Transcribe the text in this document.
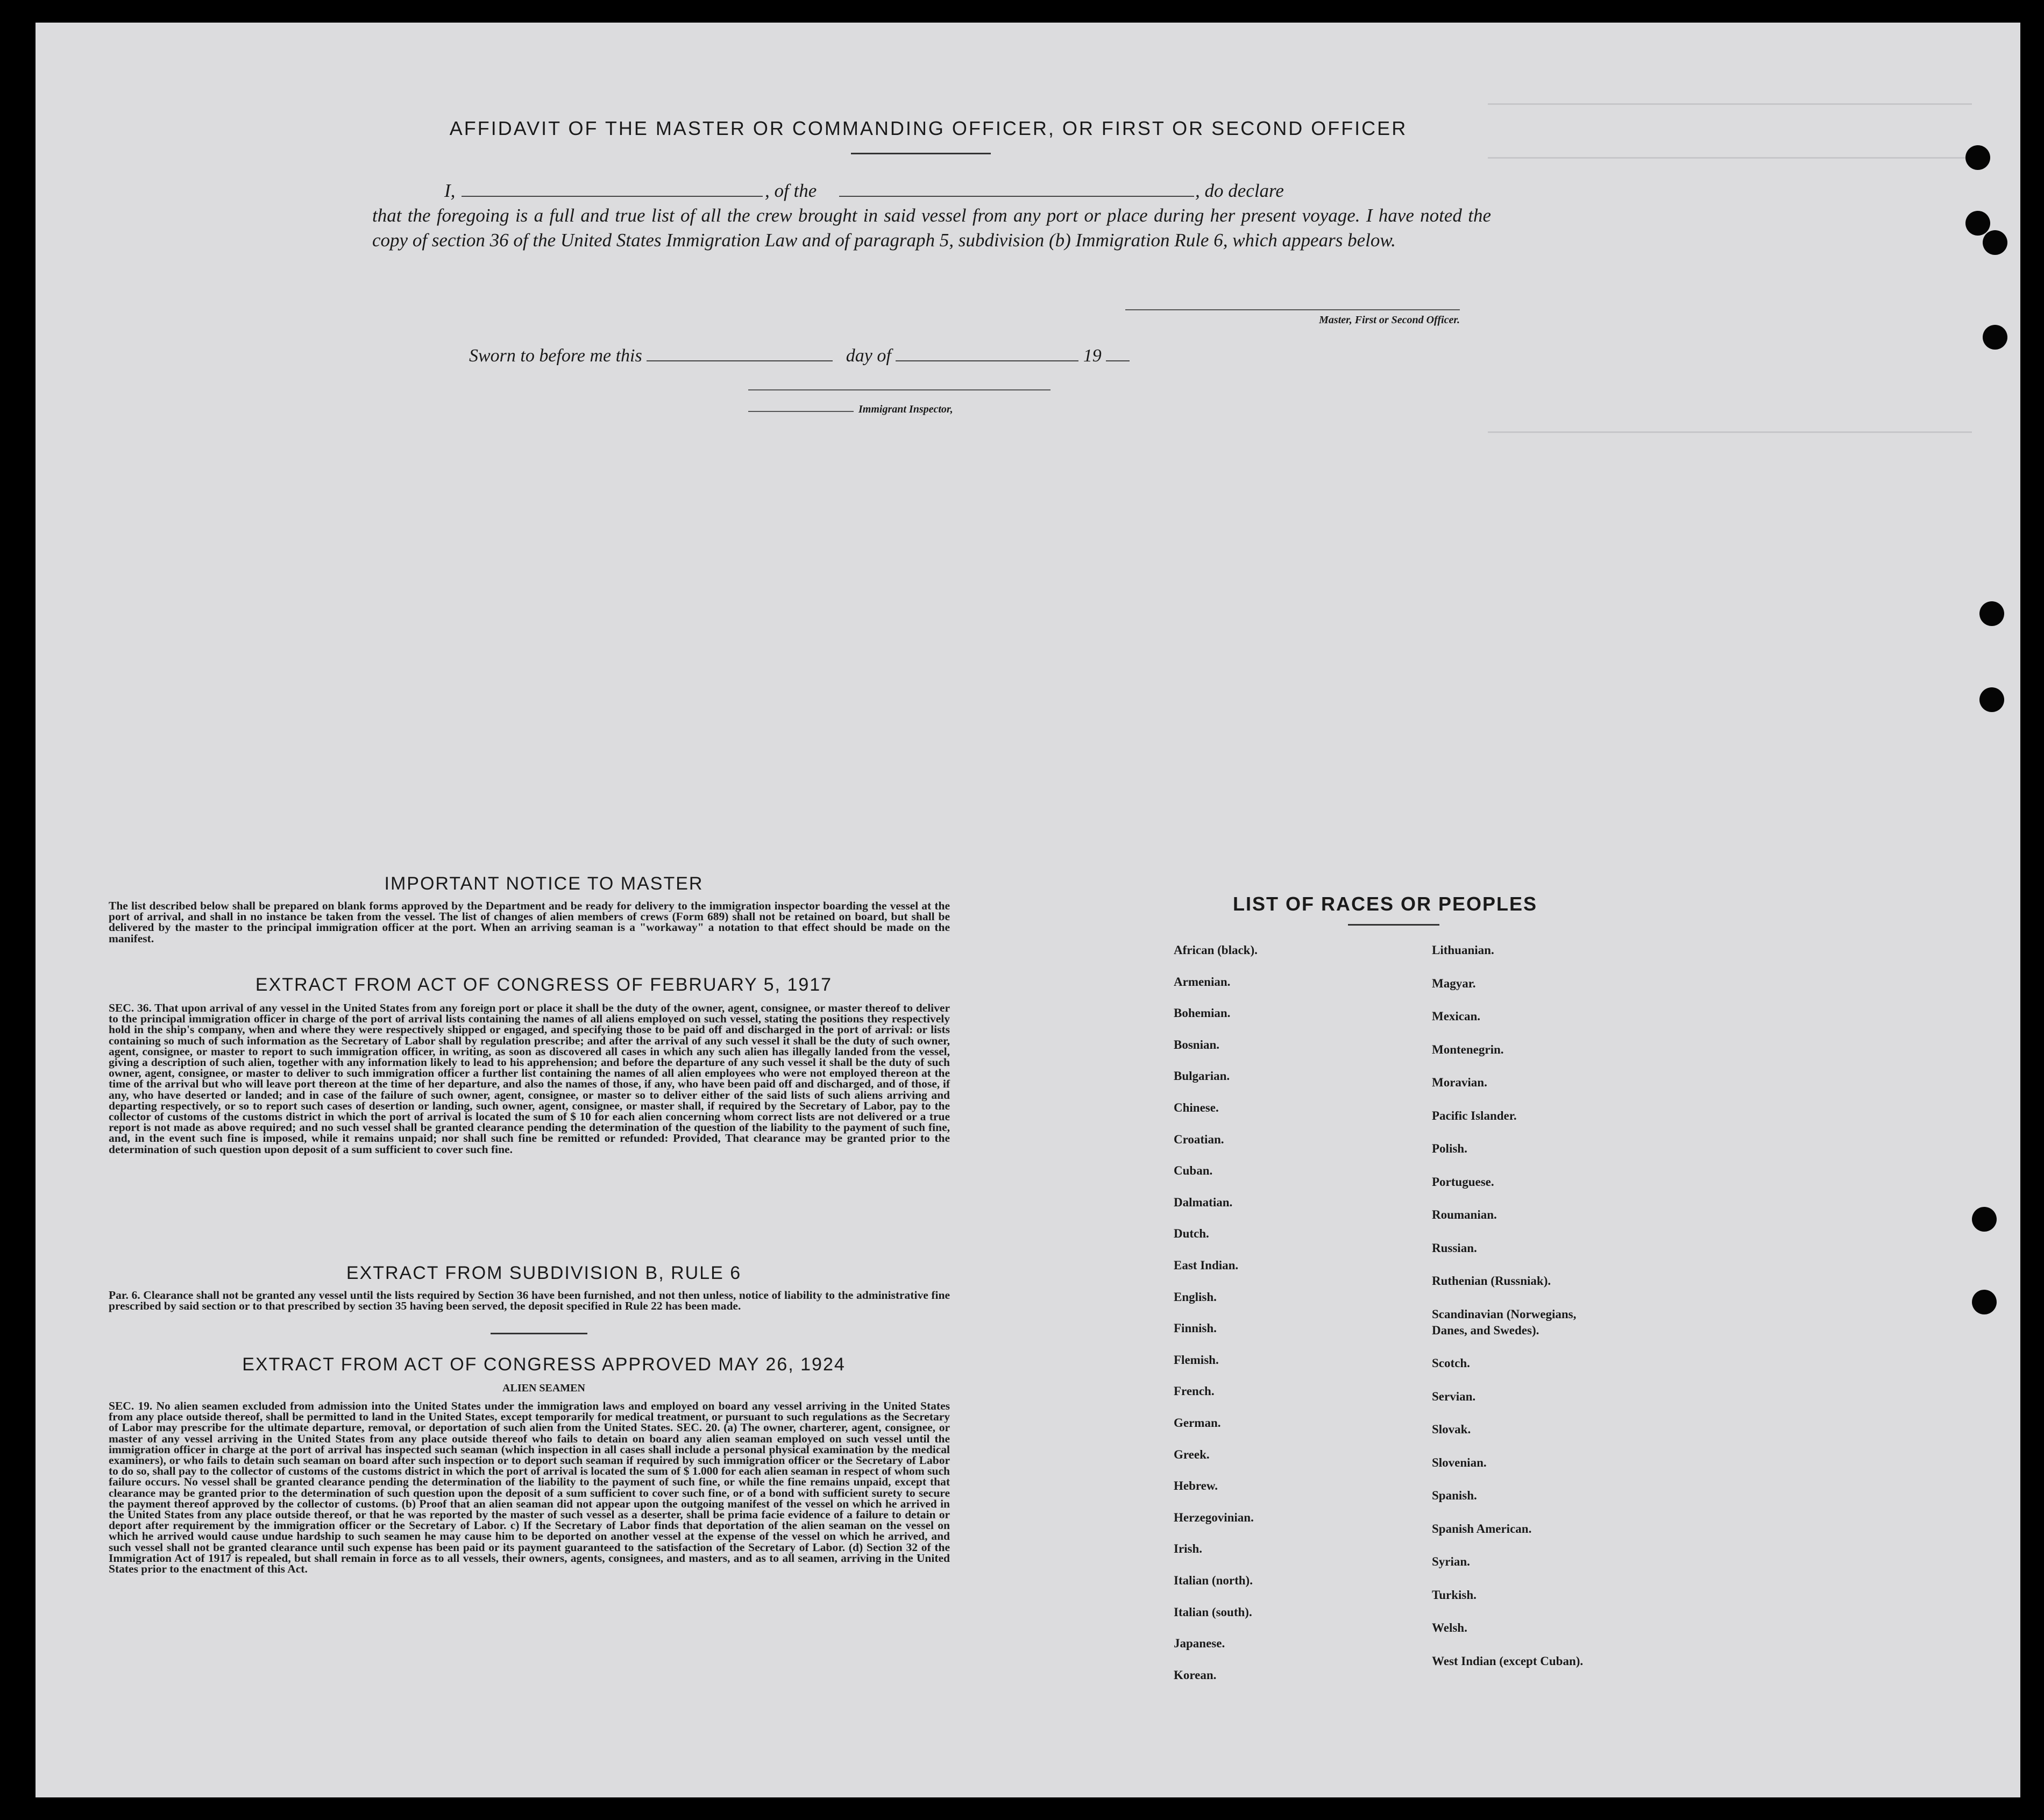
AFFIDAVIT OF THE MASTER OR COMMANDING OFFICER, OR FIRST OR SECOND OFFICER
I,	, of the	, do declare
that the foregoing is a full and true list of all the crew brought in said vessel from any port or place during her present voyage. I have noted the copy of section 36 of the United States Immigration Law and of paragraph 5, subdivision (b) Immigration Rule 6, which appears below.
Master, First or Second Officer.
Sworn to before me this	day of	19
Immigrant Inspector,
IMPORTANT NOTICE TO MASTER
The list described below shall be prepared on blank forms approved by the Department and be ready for delivery to the immigration inspector boarding the vessel at the port of arrival, and shall in no instance be taken from the vessel. The list of changes of alien members of crews (Form 689) shall not be retained on board, but shall be delivered by the master to the principal immigration officer at the port. When an arriving seaman is a "workaway" a notation to that effect should be made on the manifest.
EXTRACT FROM ACT OF CONGRESS OF FEBRUARY 5, 1917
SEC. 36. That upon arrival of any vessel in the United States from any foreign port or place it shall be the duty of the owner, agent, consignee, or master thereof to deliver to the principal immigration officer in charge of the port of arrival lists containing the names of all aliens employed on such vessel, stating the positions they respectively hold in the ship's company, when and where they were respectively shipped or engaged, and specifying those to be paid off and discharged in the port of arrival: or lists containing so much of such information as the Secretary of Labor shall by regulation prescribe; and after the arrival of any such vessel it shall be the duty of such owner, agent, consignee, or master to report to such immigration officer, in writing, as soon as discovered all cases in which any such alien has illegally landed from the vessel, giving a description of such alien, together with any information likely to lead to his apprehension; and before the departure of any such vessel it shall be the duty of such owner, agent, consignee, or master to deliver to such immigration officer a further list containing the names of all alien employees who were not employed thereon at the time of the arrival but who will leave port thereon at the time of her departure, and also the names of those, if any, who have been paid off and discharged, and of those, if any, who have deserted or landed; and in case of the failure of such owner, agent, consignee, or master so to deliver either of the said lists of such aliens arriving and departing respectively, or so to report such cases of desertion or landing, such owner, agent, consignee, or master shall, if required by the Secretary of Labor, pay to the collector of customs of the customs district in which the port of arrival is located the sum of $ 10 for each alien concerning whom correct lists are not delivered or a true report is not made as above required; and no such vessel shall be granted clearance pending the determination of the question of the liability to the payment of such fine, and, in the event such fine is imposed, while it remains unpaid; nor shall such fine be remitted or refunded: Provided, That clearance may be granted prior to the determination of such question upon deposit of a sum sufficient to cover such fine.
EXTRACT FROM SUBDIVISION B, RULE 6
Par. 6. Clearance shall not be granted any vessel until the lists required by Section 36 have been furnished, and not then unless, notice of liability to the administrative fine prescribed by said section or to that prescribed by section 35 having been served, the deposit specified in Rule 22 has been made.
EXTRACT FROM ACT OF CONGRESS APPROVED MAY 26, 1924
ALIEN SEAMEN
SEC. 19. No alien seamen excluded from admission into the United States under the immigration laws and employed on board any vessel arriving in the United States from any place outside thereof, shall be permitted to land in the United States, except temporarily for medical treatment, or pursuant to such regulations as the Secretary of Labor may prescribe for the ultimate departure, removal, or deportation of such alien from the United States. SEC. 20. (a) The owner, charterer, agent, consignee, or master of any vessel arriving in the United States from any place outside thereof who fails to detain on board any alien seaman employed on such vessel until the immigration officer in charge at the port of arrival has inspected such seaman (which inspection in all cases shall include a personal physical examination by the medical examiners), or who fails to detain such seaman on board after such inspection or to deport such seaman if required by such immigration officer or the Secretary of Labor to do so, shall pay to the collector of customs of the customs district in which the port of arrival is located the sum of $ 1.000 for each alien seaman in respect of whom such failure occurs. No vessel shall be granted clearance pending the determination of the liability to the payment of such fine, or while the fine remains unpaid, except that clearance may be granted prior to the determination of such question upon the deposit of a sum sufficient to cover such fine, or of a bond with sufficient surety to secure the payment thereof approved by the collector of customs. (b) Proof that an alien seaman did not appear upon the outgoing manifest of the vessel on which he arrived in the United States from any place outside thereof, or that he was reported by the master of such vessel as a deserter, shall be prima facie evidence of a failure to detain or deport after requirement by the immigration officer or the Secretary of Labor. c) If the Secretary of Labor finds that deportation of the alien seaman on the vessel on which he arrived would cause undue hardship to such seamen he may cause him to be deported on another vessel at the expense of the vessel on which he arrived, and such vessel shall not be granted clearance until such expense has been paid or its payment guaranteed to the satisfaction of the Secretary of Labor. (d) Section 32 of the Immigration Act of 1917 is repealed, but shall remain in force as to all vessels, their owners, agents, consignees, and masters, and as to all seamen, arriving in the United States prior to the enactment of this Act.
LIST OF RACES OR PEOPLES
African (black).
Armenian.
Bohemian.
Bosnian.
Bulgarian.
Chinese.
Croatian.
Cuban.
Dalmatian.
Dutch.
East Indian.
English.
Finnish.
Flemish.
French.
German.
Greek.
Hebrew.
Herzegovinian.
Irish.
Italian (north).
Italian (south).
Japanese.
Korean.
Lithuanian.
Magyar.
Mexican.
Montenegrin.
Moravian.
Pacific Islander.
Polish.
Portuguese.
Roumanian.
Russian.
Ruthenian (Russniak).
Scandinavian (Norwegians,
Danes, and Swedes).
Scotch.
Servian.
Slovak.
Slovenian.
Spanish.
Spanish American.
Syrian.
Turkish.
Welsh.
West Indian (except Cuban).
